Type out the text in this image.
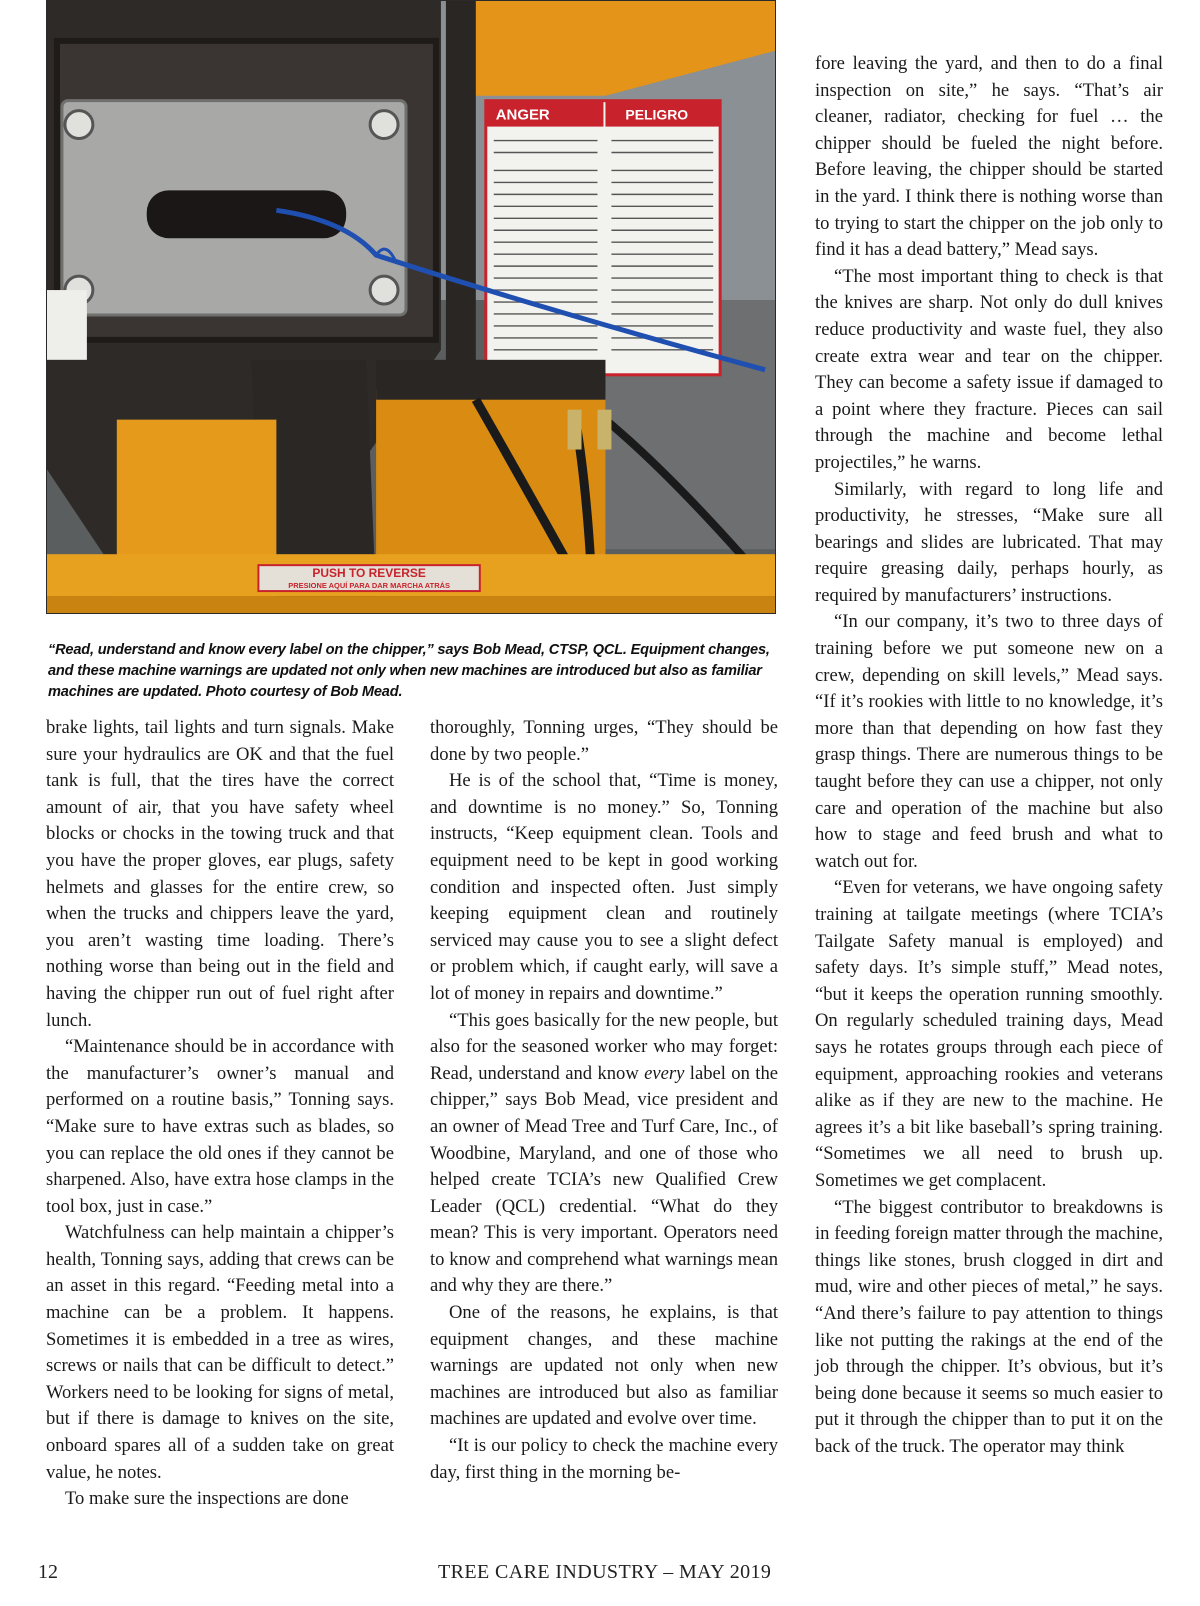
ANGER	PELIGRO
PUSH TO REVERSE
PRESIONE AQUÍ PARA DAR MARCHA ATRÁS
“Read, understand and know every label on the chipper,” says Bob Mead, CTSP, QCL. Equipment changes, and these machine warnings are updated not only when new machines are introduced but also as familiar machines are updated. Photo courtesy of Bob Mead.

brake lights, tail lights and turn signals. Make sure your hydraulics are OK and that the fuel tank is full, that the tires have the correct amount of air, that you have safety wheel blocks or chocks in the towing truck and that you have the proper gloves, ear plugs, safety helmets and glasses for the entire crew, so when the trucks and chippers leave the yard, you aren’t wasting time loading. There’s nothing worse than being out in the field and having the chipper run out of fuel right after lunch.

“Maintenance should be in accordance with the manufacturer’s owner’s manual and performed on a routine basis,” Tonning says. “Make sure to have extras such as blades, so you can replace the old ones if they cannot be sharpened. Also, have extra hose clamps in the tool box, just in case.”

Watchfulness can help maintain a chipper’s health, Tonning says, adding that crews can be an asset in this regard. “Feeding metal into a machine can be a problem. It happens. Sometimes it is embedded in a tree as wires, screws or nails that can be difficult to detect.” Workers need to be looking for signs of metal, but if there is damage to knives on the site, onboard spares all of a sudden take on great value, he notes.

To make sure the inspections are done

thoroughly, Tonning urges, “They should be done by two people.”

He is of the school that, “Time is money, and downtime is no money.” So, Tonning instructs, “Keep equipment clean. Tools and equipment need to be kept in good working condition and inspected often. Just simply keeping equipment clean and routinely serviced may cause you to see a slight defect or problem which, if caught early, will save a lot of money in repairs and downtime.”

“This goes basically for the new people, but also for the seasoned worker who may forget: Read, understand and know every label on the chipper,” says Bob Mead, vice president and an owner of Mead Tree and Turf Care, Inc., of Woodbine, Maryland, and one of those who helped create TCIA’s new Qualified Crew Leader (QCL) credential. “What do they mean? This is very important. Operators need to know and comprehend what warnings mean and why they are there.”

One of the reasons, he explains, is that equipment changes, and these machine warnings are updated not only when new machines are introduced but also as familiar machines are updated and evolve over time.

“It is our policy to check the machine every day, first thing in the morning be-

fore leaving the yard, and then to do a final inspection on site,” he says. “That’s air cleaner, radiator, checking for fuel … the chipper should be fueled the night before. Before leaving, the chipper should be started in the yard. I think there is nothing worse than to trying to start the chipper on the job only to find it has a dead battery,” Mead says.

“The most important thing to check is that the knives are sharp. Not only do dull knives reduce productivity and waste fuel, they also create extra wear and tear on the chipper. They can become a safety issue if damaged to a point where they fracture. Pieces can sail through the machine and become lethal projectiles,” he warns.

Similarly, with regard to long life and productivity, he stresses, “Make sure all bearings and slides are lubricated. That may require greasing daily, perhaps hourly, as required by manufacturers’ instructions.

“In our company, it’s two to three days of training before we put someone new on a crew, depending on skill levels,” Mead says. “If it’s rookies with little to no knowledge, it’s more than that depending on how fast they grasp things. There are numerous things to be taught before they can use a chipper, not only care and operation of the machine but also how to stage and feed brush and what to watch out for.

“Even for veterans, we have ongoing safety training at tailgate meetings (where TCIA’s Tailgate Safety manual is employed) and safety days. It’s simple stuff,” Mead notes, “but it keeps the operation running smoothly. On regularly scheduled training days, Mead says he rotates groups through each piece of equipment, approaching rookies and veterans alike as if they are new to the machine. He agrees it’s a bit like baseball’s spring training. “Sometimes we all need to brush up. Sometimes we get complacent.

“The biggest contributor to breakdowns is in feeding foreign matter through the machine, things like stones, brush clogged in dirt and mud, wire and other pieces of metal,” he says. “And there’s failure to pay attention to things like not putting the rakings at the end of the job through the chipper. It’s obvious, but it’s being done because it seems so much easier to put it through the chipper than to put it on the back of the truck. The operator may think

12	TREE CARE INDUSTRY – MAY 2019
